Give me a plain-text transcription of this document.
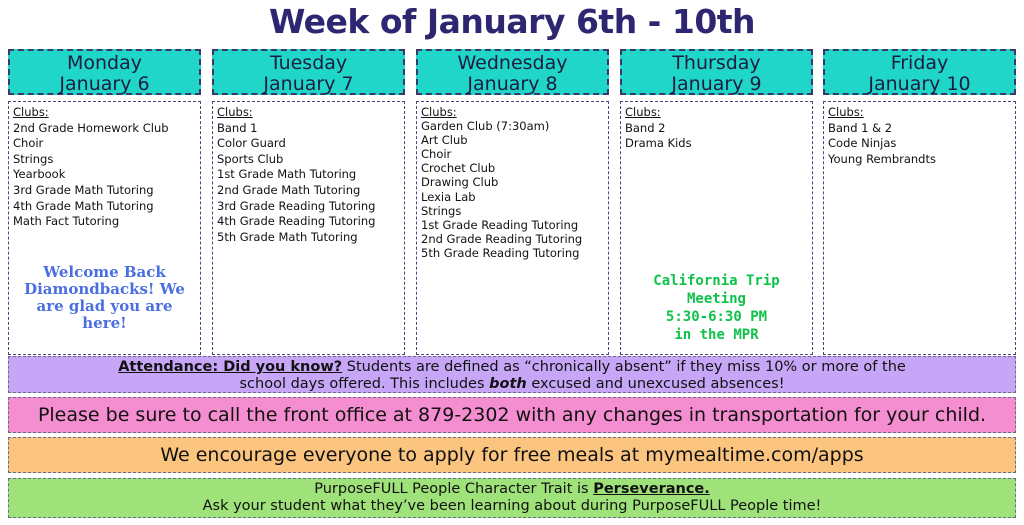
Week of January 6th - 10th
Monday
January 6
Clubs:
2nd Grade Homework Club
Choir
Strings
Yearbook
3rd Grade Math Tutoring
4th Grade Math Tutoring
Math Fact Tutoring
Welcome Back Diamondbacks! We are glad you are here!
Tuesday
January 7
Clubs:
Band 1
Color Guard
Sports Club
1st Grade Math Tutoring
2nd Grade Math Tutoring
3rd Grade Reading Tutoring
4th Grade Reading Tutoring
5th Grade Math Tutoring
Wednesday
January 8
Clubs:
Garden Club (7:30am)
Art Club
Choir
Crochet Club
Drawing Club
Lexia Lab
Strings
1st Grade Reading Tutoring
2nd Grade Reading Tutoring
5th Grade Reading Tutoring
Thursday
January 9
Clubs:
Band 2
Drama Kids
California Trip Meeting
5:30-6:30 PM
in the MPR
Friday
January 10
Clubs:
Band 1 & 2
Code Ninjas
Young Rembrandts
Attendance: Did you know? Students are defined as “chronically absent” if they miss 10% or more of the
school days offered. This includes both excused and unexcused absences!
Please be sure to call the front office at 879-2302 with any changes in transportation for your child.
We encourage everyone to apply for free meals at mymealtime.com/apps
PurposeFULL People Character Trait is Perseverance.
Ask your student what they’ve been learning about during PurposeFULL People time!
